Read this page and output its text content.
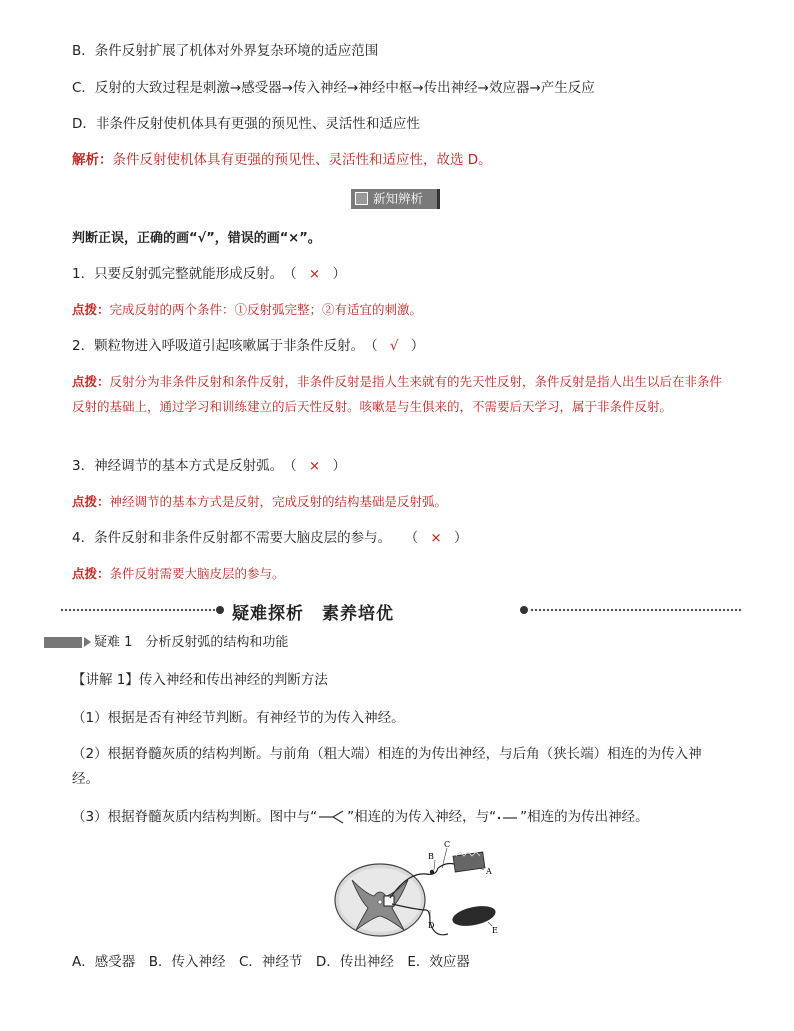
B．条件反射扩展了机体对外界复杂环境的适应范围
C．反射的大致过程是刺激→感受器→传入神经→神经中枢→传出神经→效应器→产生反应
D．非条件反射使机体具有更强的预见性、灵活性和适应性
解析：条件反射使机体具有更强的预见性、灵活性和适应性，故选 D。
新知辨析
判断正误，正确的画“√”，错误的画“×”。
1．只要反射弧完整就能形成反射。　（ × ）
点拨：完成反射的两个条件：①反射弧完整；②有适宜的刺激。
2．颗粒物进入呼吸道引起咳嗽属于非条件反射。　（ √ ）
点拨：反射分为非条件反射和条件反射，非条件反射是指人生来就有的先天性反射，条件反射是指人出生以后在非条件反射的基础上，通过学习和训练建立的后天性反射。咳嗽是与生俱来的，不需要后天学习，属于非条件反射。
3．神经调节的基本方式是反射弧。　（ × ）
点拨：神经调节的基本方式是反射，完成反射的结构基础是反射弧。
4．条件反射和非条件反射都不需要大脑皮层的参与。　　（ × ）
点拨：条件反射需要大脑皮层的参与。
疑难探析　素养培优
疑难 1　分析反射弧的结构和功能
【讲解 1】传入神经和传出神经的判断方法
（1）根据是否有神经节判断。有神经节的为传入神经。
（2）根据脊髓灰质的结构判断。与前角（粗大端）相连的为传出神经，与后角（狭长端）相连的为传入神
经。
（3）根据脊髓灰质内结构判断。图中与“ ”相连的为传入神经，与“ ”相连的为传出神经。
B
C
A
D
E
A．感受器　B．传入神经　C．神经节　D．传出神经　E．效应器
